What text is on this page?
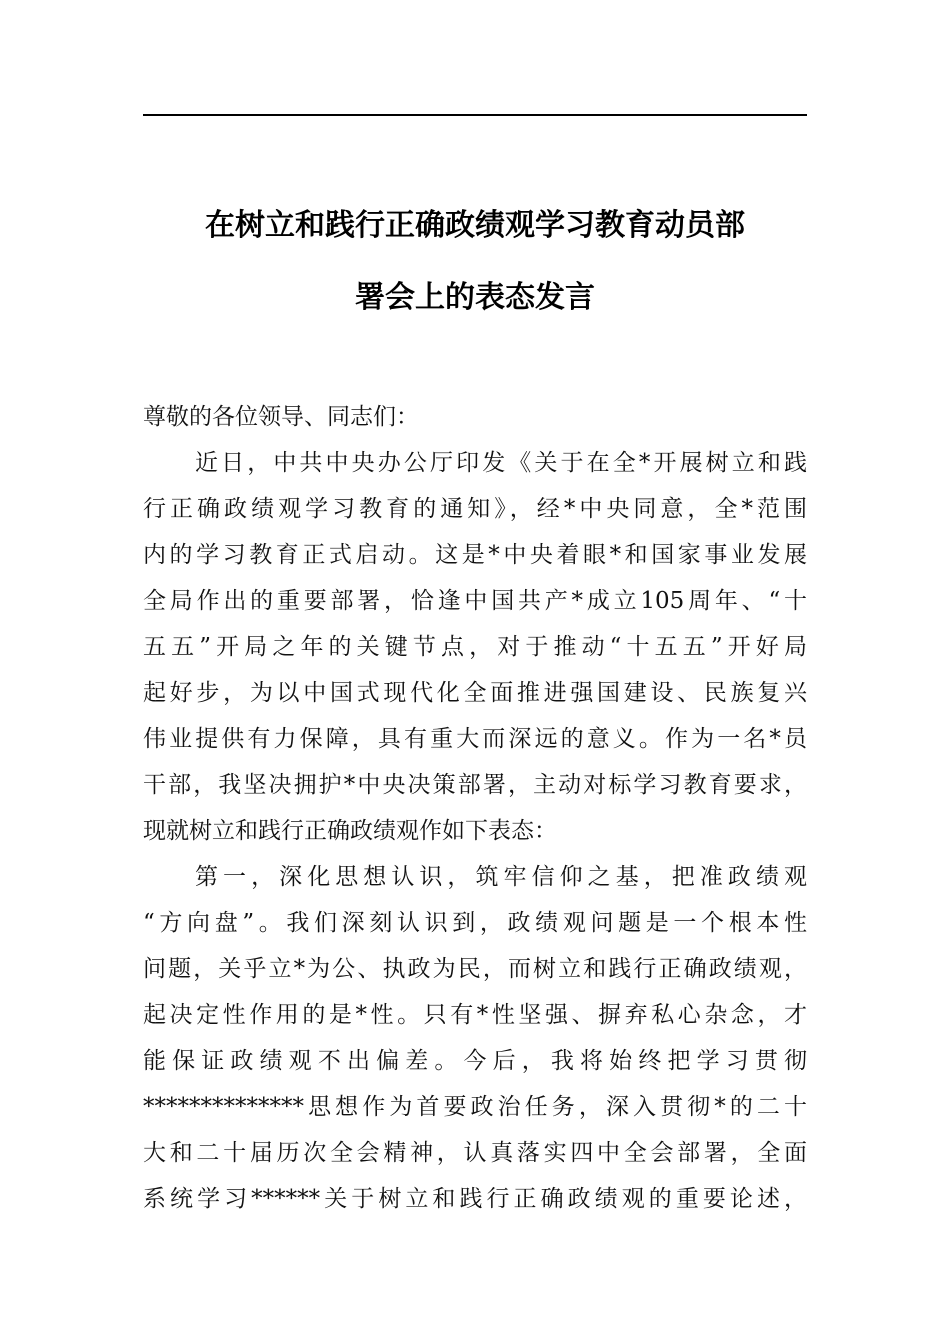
在树立和践行正确政绩观学习教育动员部
署会上的表态发言
尊敬的各位领导、同志们：
近日，中共中央办公厅印发《关于在全*开展树立和践
行正确政绩观学习教育的通知》，经*中央同意，全*范围
内的学习教育正式启动。这是*中央着眼*和国家事业发展
全局作出的重要部署，恰逢中国共产*成立105周年、“十
五五”开局之年的关键节点，对于推动“十五五”开好局
起好步，为以中国式现代化全面推进强国建设、民族复兴
伟业提供有力保障，具有重大而深远的意义。作为一名*员
干部，我坚决拥护*中央决策部署，主动对标学习教育要求，
现就树立和践行正确政绩观作如下表态：
第一，深化思想认识，筑牢信仰之基，把准政绩观
“方向盘”。我们深刻认识到，政绩观问题是一个根本性
问题，关乎立*为公、执政为民，而树立和践行正确政绩观，
起决定性作用的是*性。只有*性坚强、摒弃私心杂念，才
能保证政绩观不出偏差。今后，我将始终把学习贯彻
**************思想作为首要政治任务，深入贯彻*的二十
大和二十届历次全会精神，认真落实四中全会部署，全面
系统学习******关于树立和践行正确政绩观的重要论述，
